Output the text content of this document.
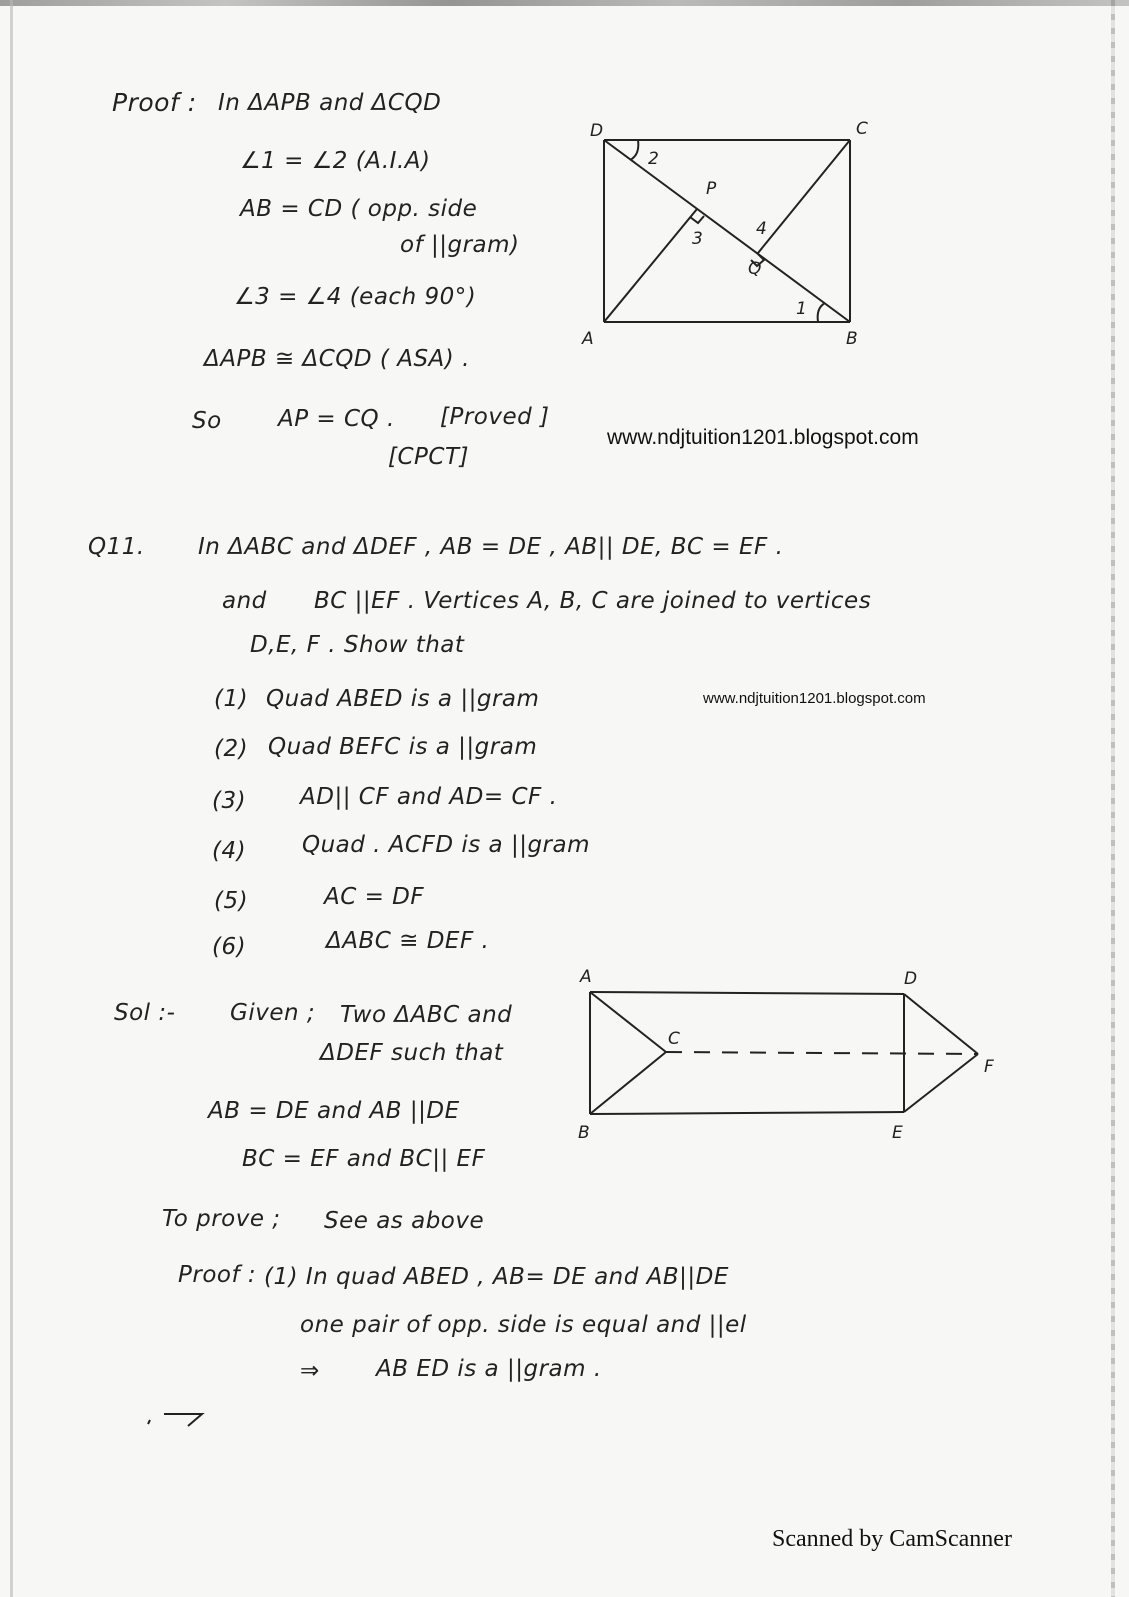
Proof : In ΔAPB and ΔCQD
∠1 = ∠2 (A.I.A)
AB = CD ( opp. side
of ||gram)
∠3 = ∠4 (each 90°)
ΔAPB ≅ ΔCQD ( ASA) .
So AP = CQ . [Proved ]
[CPCT]
D	C
A	B
P
Q
1
2
3	4
www.ndjtuition1201.blogspot.com
Q11. In ΔABC and ΔDEF , AB = DE , AB|| DE, BC = EF .
and BC ||EF . Vertices A, B, C are joined to vertices
D,E, F . Show that
(1) Quad ABED is a ||gram
(2) Quad BEFC is a ||gram
(3) AD|| CF and AD= CF .
(4) Quad . ACFD is a ||gram
(5)	AC = DF
(6)	ΔABC ≅ DEF .
www.ndjtuition1201.blogspot.com
A
B
C
D
E
F
Sol :- Given ; Two ΔABC and
ΔDEF such that
AB = DE and AB ||DE
BC = EF and BC|| EF
To prove ; See as above
Proof : (1) In quad ABED , AB= DE and AB||DE
one pair of opp. side is equal and ||el
⇒ AB ED is a ||gram .
Scanned by CamScanner
